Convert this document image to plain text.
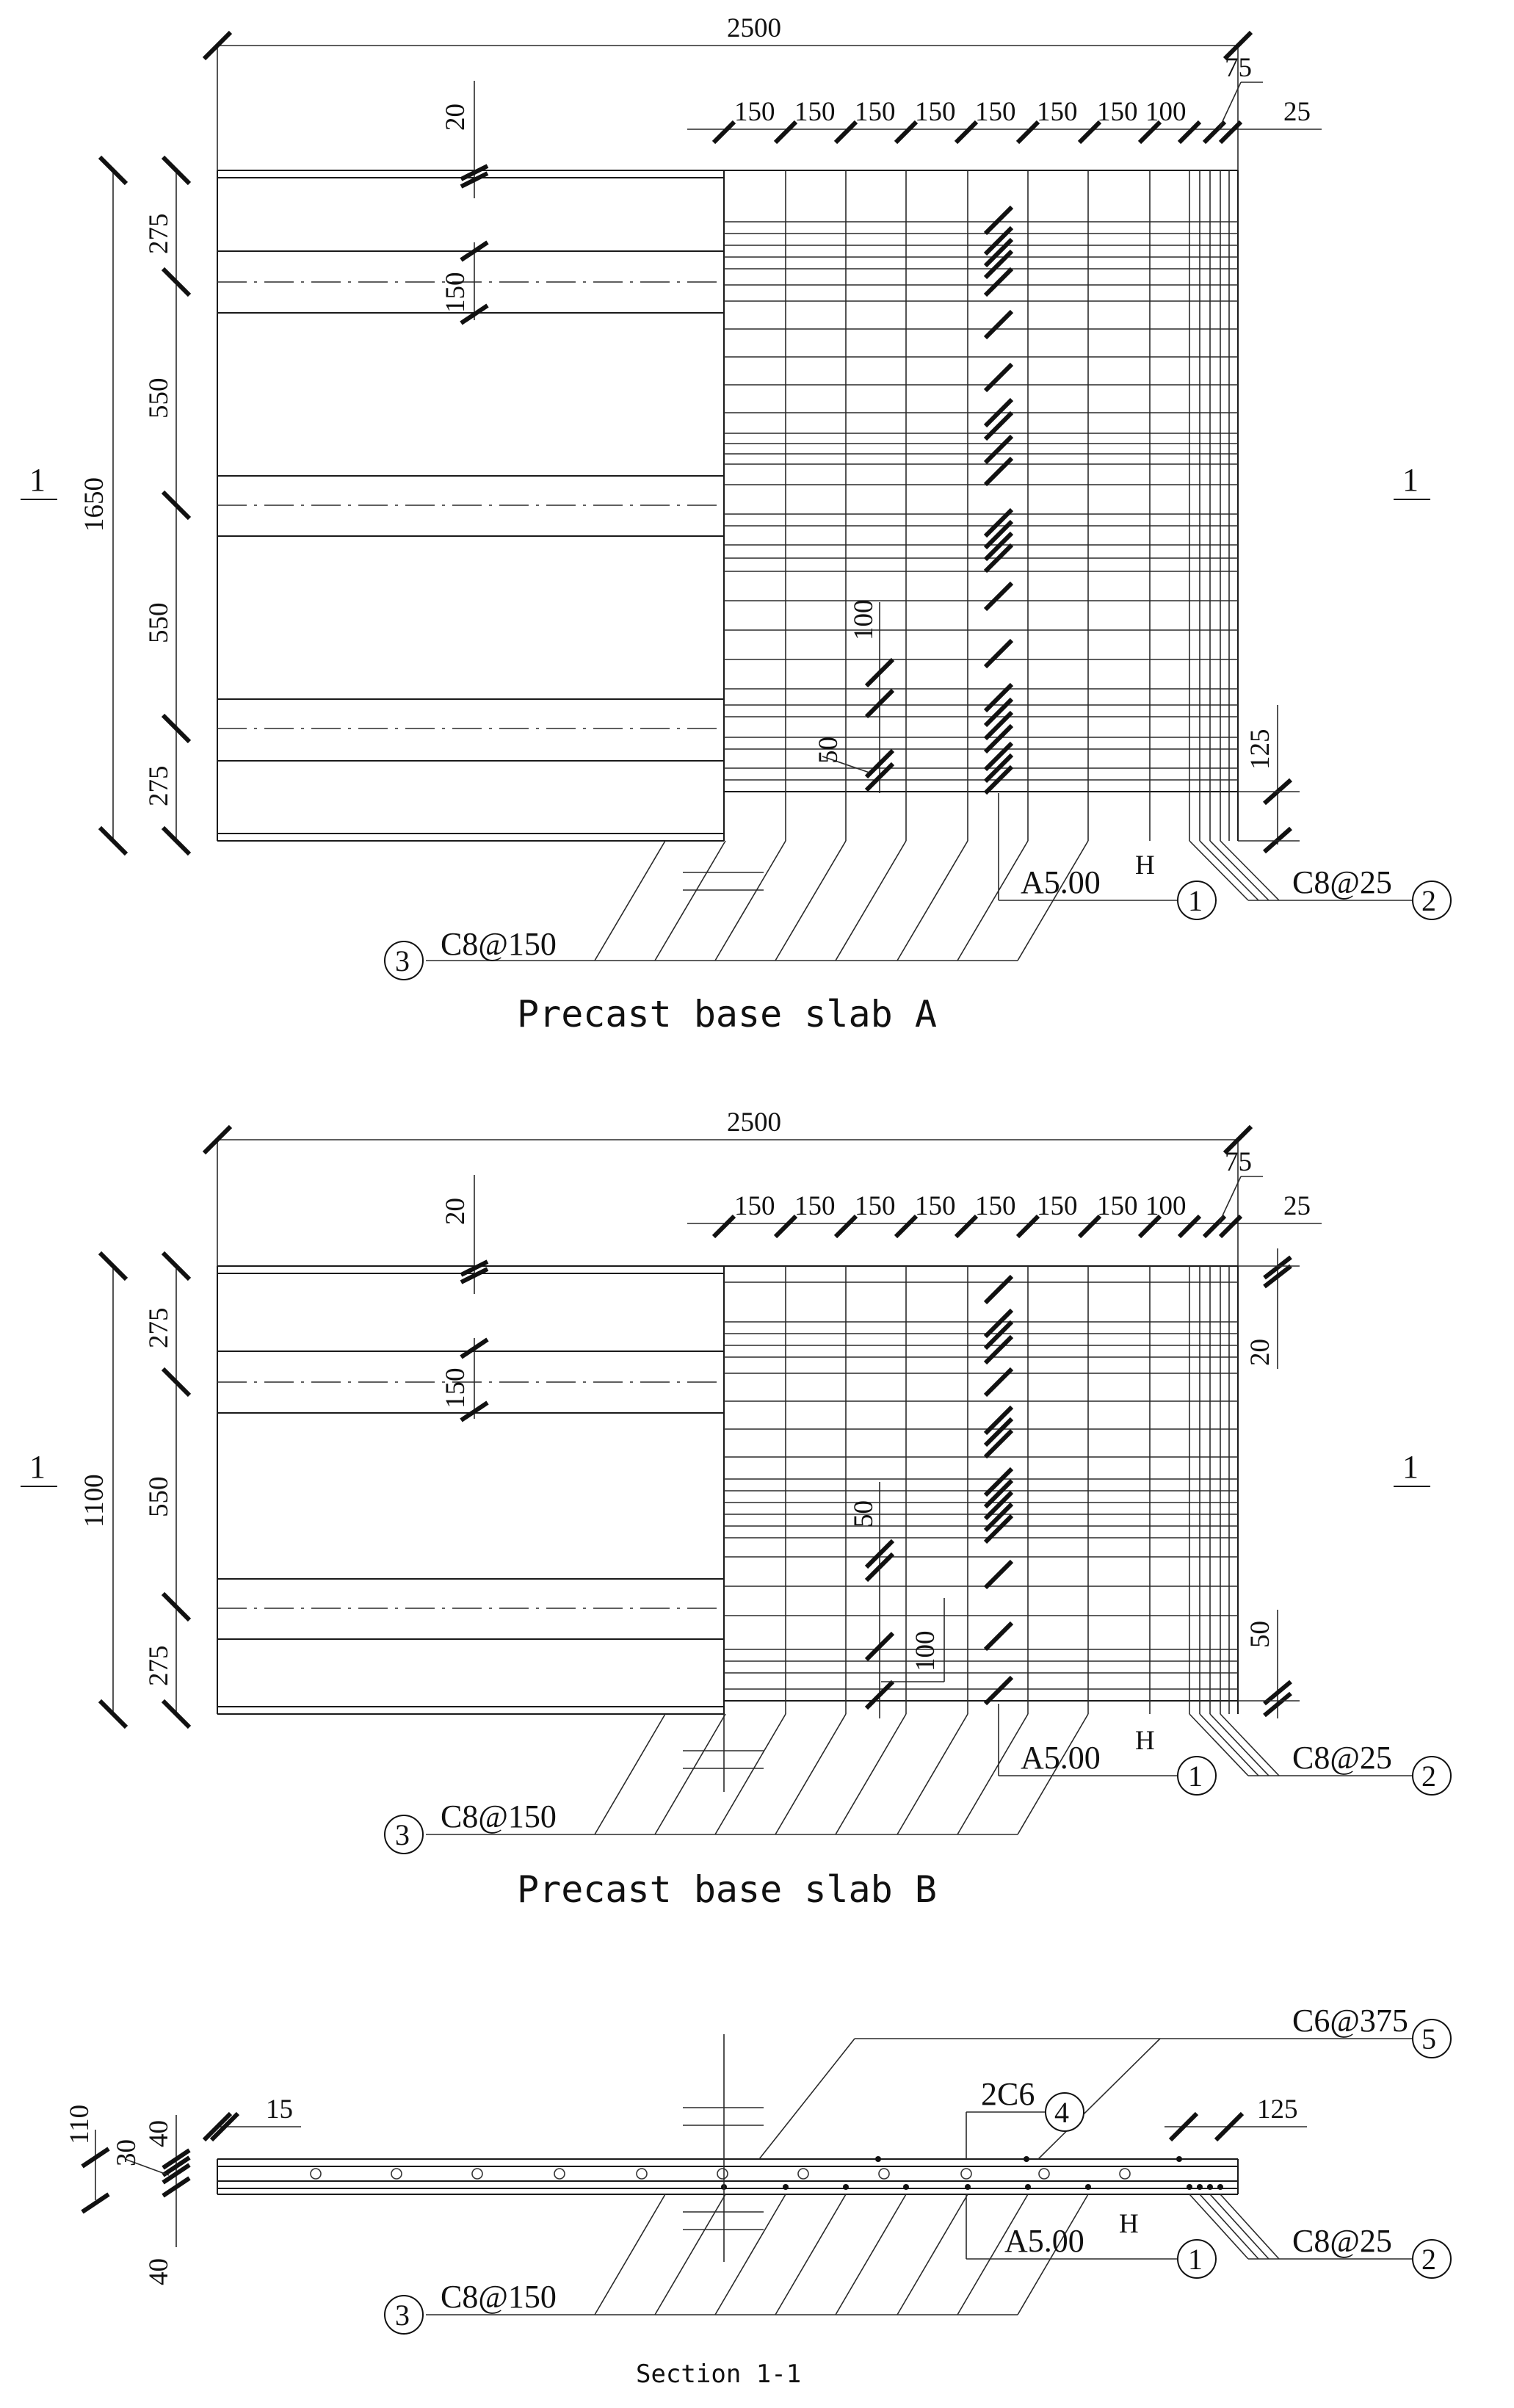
2500
150 150 150 150 150 150 150 100
75
25
1650
275
550
550
275
1	1
20
150
100
50	125
3 C8@150
1
A5.00 H
2
C8@25
Precast base slab A
2500
150 150 150 150 150 150 150 100
75
25
1100
275
550
275
1	1
20
150
50
100
20
50
3
C8@150
1
A5.00 H
2
C8@25
Precast base slab B
110 40
40
30
15	125
5
C6@375
4
2C6
3
C8@150
1
A5.00 H
2
C8@25
Section 1-1
